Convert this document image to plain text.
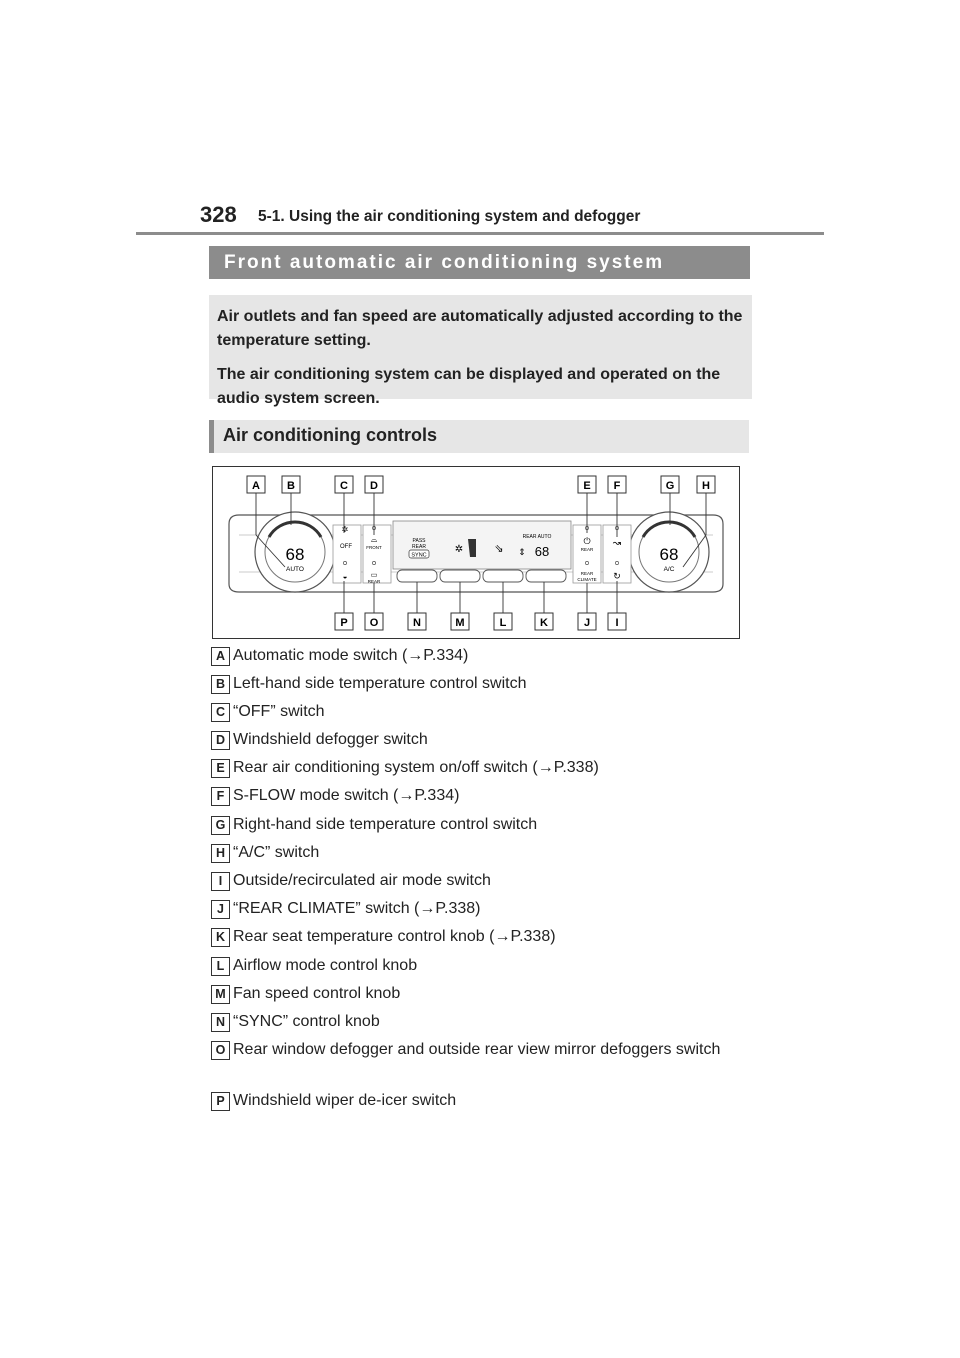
328 5-1. Using the air conditioning system and defogger
Front automatic air conditioning system

Air outlets and fan speed are automatically adjusted according to the temperature setting.

The air conditioning system can be displayed and operated on the audio system screen.

Air conditioning controls
68
AUTO
68
A/C
✲
OFF
◒
⌓
FRONT
▭
REAR
PASS
REAR
SYNC
✲	⇘
REAR AUTO
⇕ 68
⏻
REAR
REAR
CLIMATE
↝
↻
A B	C D	E F	G	H
P O	N	M	L	K	J I
A Automatic mode switch (→P.334)
B Left-hand side temperature control switch
C “OFF” switch
D Windshield defogger switch
E Rear air conditioning system on/off switch (→P.338)
F S-FLOW mode switch (→P.334)
G Right-hand side temperature control switch
H “A/C” switch
I Outside/recirculated air mode switch
J “REAR CLIMATE” switch (→P.338)
K Rear seat temperature control knob (→P.338)
L Airflow mode control knob
M Fan speed control knob
N “SYNC” control knob
O Rear window defogger and outside rear view mirror defoggers switch
P Windshield wiper de-icer switch
